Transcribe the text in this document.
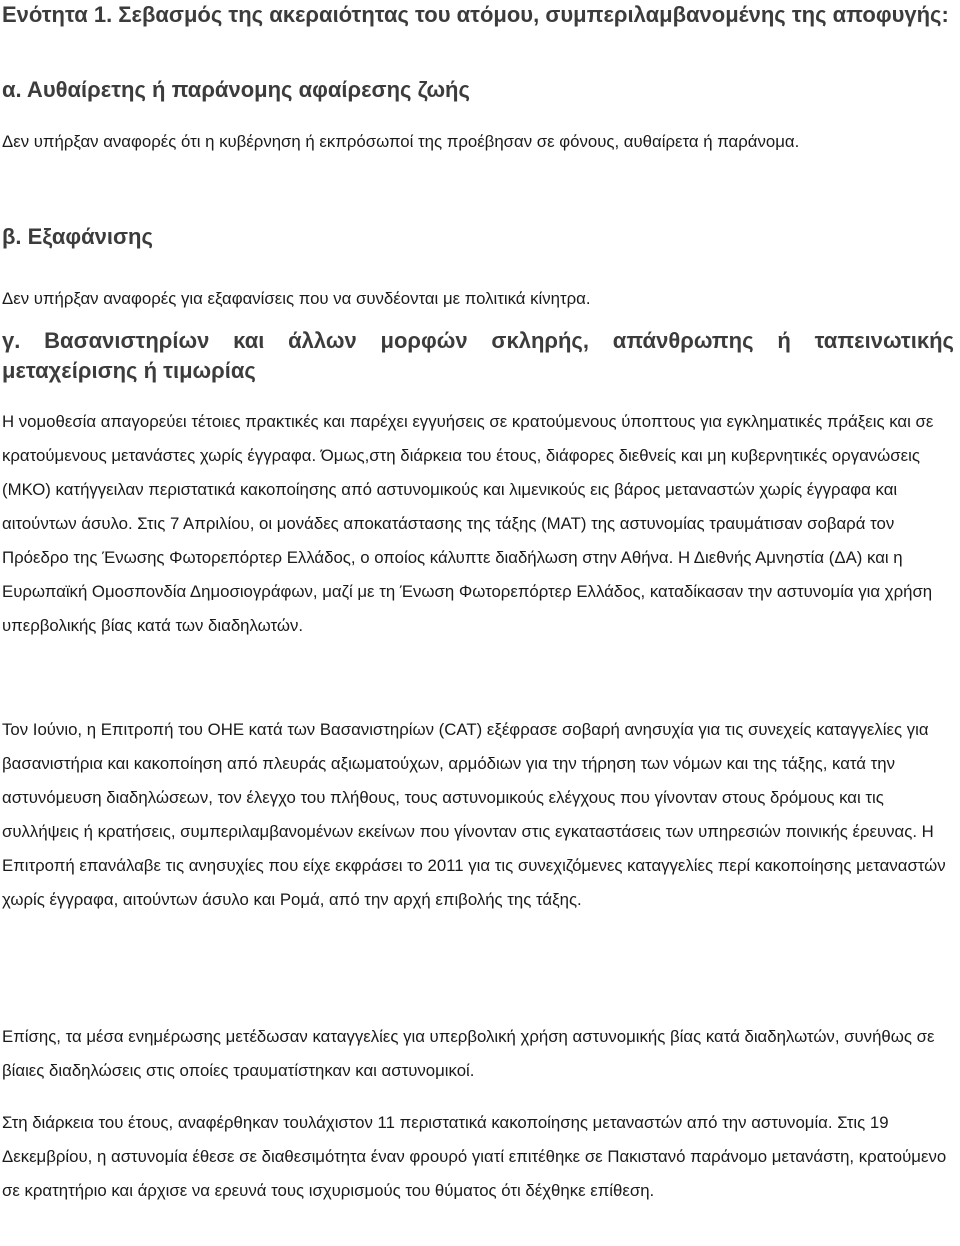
Ενότητα 1. Σεβασμός της ακεραιότητας του ατόμου, συμπεριλαμβανομένης της αποφυγής:
α. Αυθαίρετης ή παράνομης αφαίρεσης ζωής

Δεν υπήρξαν αναφορές ότι η κυβέρνηση ή εκπρόσωποί της προέβησαν σε φόνους, αυθαίρετα ή παράνομα.

β. Εξαφάνισης

Δεν υπήρξαν αναφορές για εξαφανίσεις που να συνδέονται με πολιτικά κίνητρα.

γ. Βασανιστηρίων και άλλων μορφών σκληρής, απάνθρωπης ή ταπεινωτικής
μεταχείρισης ή τιμωρίας

Η νομοθεσία απαγορεύει τέτοιες πρακτικές και παρέχει εγγυήσεις σε κρατούμενους ύποπτους για εγκληματικές πράξεις και σε κρατούμενους μετανάστες χωρίς έγγραφα. Όμως,στη διάρκεια του έτους, διάφορες διεθνείς και μη κυβερνητικές οργανώσεις (ΜΚΟ) κατήγγειλαν περιστατικά κακοποίησης από αστυνομικούς και λιμενικούς εις βάρος μεταναστών χωρίς έγγραφα και αιτούντων άσυλο. Στις 7 Απριλίου, οι μονάδες αποκατάστασης της τάξης (ΜΑΤ) της αστυνομίας τραυμάτισαν σοβαρά τον Πρόεδρο της Ένωσης Φωτορεπόρτερ Ελλάδος, ο οποίος κάλυπτε διαδήλωση στην Αθήνα. Η Διεθνής Αμνηστία (ΔΑ) και η Ευρωπαϊκή Ομοσπονδία Δημοσιογράφων, μαζί με τη Ένωση Φωτορεπόρτερ Ελλάδος, καταδίκασαν την αστυνομία για χρήση υπερβολικής βίας κατά των διαδηλωτών.

Τον Ιούνιο, η Επιτροπή του ΟΗΕ κατά των Βασανιστηρίων (CAT) εξέφρασε σοβαρή ανησυχία για τις συνεχείς καταγγελίες για βασανιστήρια και κακοποίηση από πλευράς αξιωματούχων, αρμόδιων για την τήρηση των νόμων και της τάξης, κατά την αστυνόμευση διαδηλώσεων, τον έλεγχο του πλήθους, τους αστυνομικούς ελέγχους που γίνονταν στους δρόμους και τις συλλήψεις ή κρατήσεις, συμπεριλαμβανομένων εκείνων που γίνονταν στις εγκαταστάσεις των υπηρεσιών ποινικής έρευνας. Η Επιτροπή επανάλαβε τις ανησυχίες που είχε εκφράσει το 2011 για τις συνεχιζόμενες καταγγελίες περί κακοποίησης μεταναστών χωρίς έγγραφα, αιτούντων άσυλο και Ρομά, από την αρχή επιβολής της τάξης.

Επίσης, τα μέσα ενημέρωσης μετέδωσαν καταγγελίες για υπερβολική χρήση αστυνομικής βίας κατά διαδηλωτών, συνήθως σε βίαιες διαδηλώσεις στις οποίες τραυματίστηκαν και αστυνομικοί.

Στη διάρκεια του έτους, αναφέρθηκαν τουλάχιστον 11 περιστατικά κακοποίησης μεταναστών από την αστυνομία. Στις 19 Δεκεμβρίου, η αστυνομία έθεσε σε διαθεσιμότητα έναν φρουρό γιατί επιτέθηκε σε Πακιστανό παράνομο μετανάστη, κρατούμενο σε κρατητήριο και άρχισε να ερευνά τους ισχυρισμούς του θύματος ότι δέχθηκε επίθεση.
